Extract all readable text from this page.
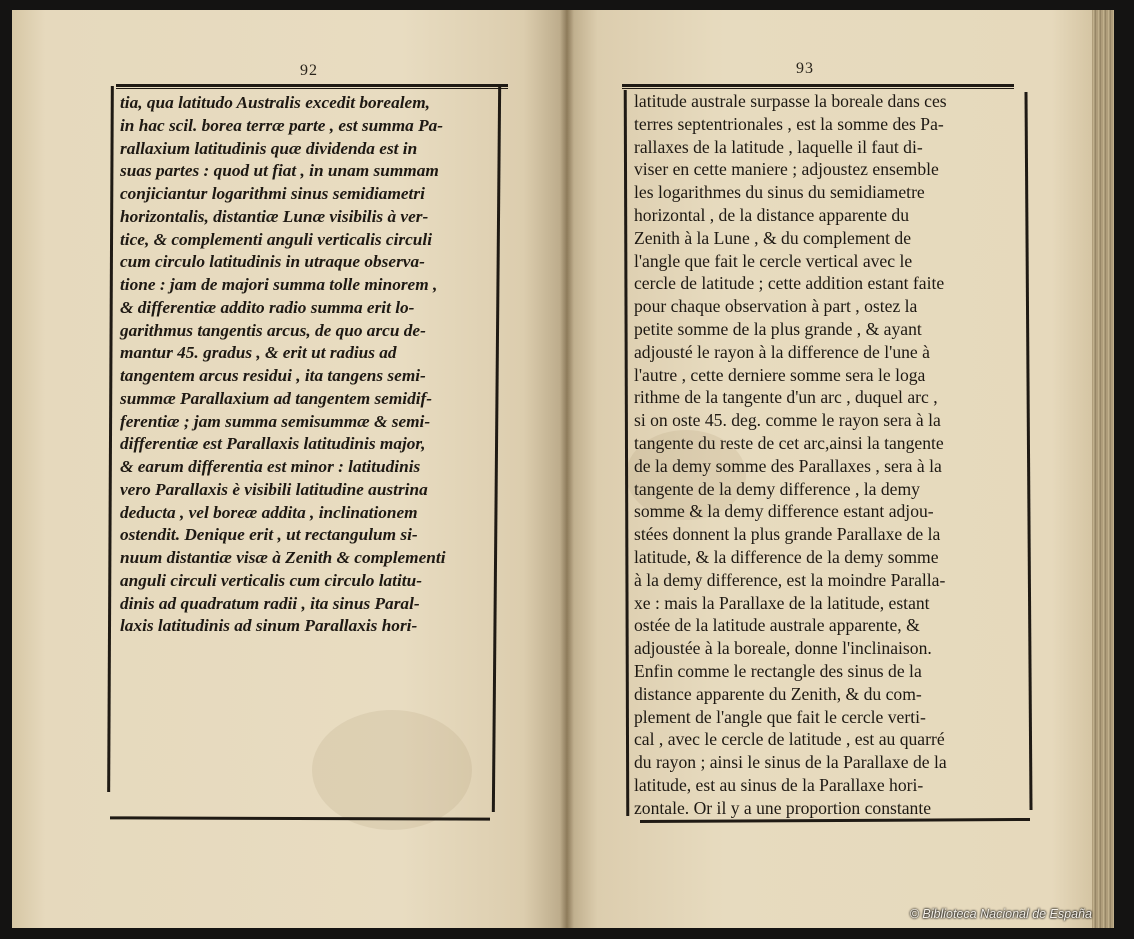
92
tia, qua latitudo Australis excedit borealem,
in hac scil. borea terræ parte , est summa Pa-
rallaxium latitudinis quæ dividenda est in
suas partes : quod ut fiat , in unam summam
conjiciantur logarithmi sinus semidiametri
horizontalis, distantiæ Lunæ visibilis à ver-
tice, & complementi anguli verticalis circuli
cum circulo latitudinis in utraque observa-
tione : jam de majori summa tolle minorem ,
& differentiæ addito radio summa erit lo-
garithmus tangentis arcus, de quo arcu de-
mantur 45. gradus , & erit ut radius ad
tangentem arcus residui , ita tangens semi-
summæ Parallaxium ad tangentem semidif-
ferentiæ ; jam summa semisummæ & semi-
differentiæ est Parallaxis latitudinis major,
& earum differentia est minor : latitudinis
vero Parallaxis è visibili latitudine austrina
deducta , vel boreæ addita , inclinationem
ostendit. Denique erit , ut rectangulum si-
nuum distantiæ visæ à Zenith & complementi
anguli circuli verticalis cum circulo latitu-
dinis ad quadratum radii , ita sinus Paral-
laxis latitudinis ad sinum Parallaxis hori-
93
latitude australe surpasse la boreale dans ces
terres septentrionales , est la somme des Pa-
rallaxes de la latitude , laquelle il faut di-
viser en cette maniere ; adjoustez ensemble
les logarithmes du sinus du semidiametre
horizontal , de la distance apparente du
Zenith à la Lune , & du complement de
l'angle que fait le cercle vertical avec le
cercle de latitude ; cette addition estant faite
pour chaque observation à part , ostez la
petite somme de la plus grande , & ayant
adjousté le rayon à la difference de l'une à
l'autre , cette derniere somme sera le loga
rithme de la tangente d'un arc , duquel arc ,
si on oste 45. deg. comme le rayon sera à la
tangente du reste de cet arc,ainsi la tangente
de la demy somme des Parallaxes , sera à la
tangente de la demy difference , la demy
somme & la demy difference estant adjou-
stées donnent la plus grande Parallaxe de la
latitude, & la difference de la demy somme
à la demy difference, est la moindre Paralla-
xe : mais la Parallaxe de la latitude, estant
ostée de la latitude australe apparente, &
adjoustée à la boreale, donne l'inclinaison.
Enfin comme le rectangle des sinus de la
distance apparente du Zenith, & du com-
plement de l'angle que fait le cercle verti-
cal , avec le cercle de latitude , est au quarré
du rayon ; ainsi le sinus de la Parallaxe de la
latitude, est au sinus de la Parallaxe hori-
zontale. Or il y a une proportion constante
© Biblioteca Nacional de España
